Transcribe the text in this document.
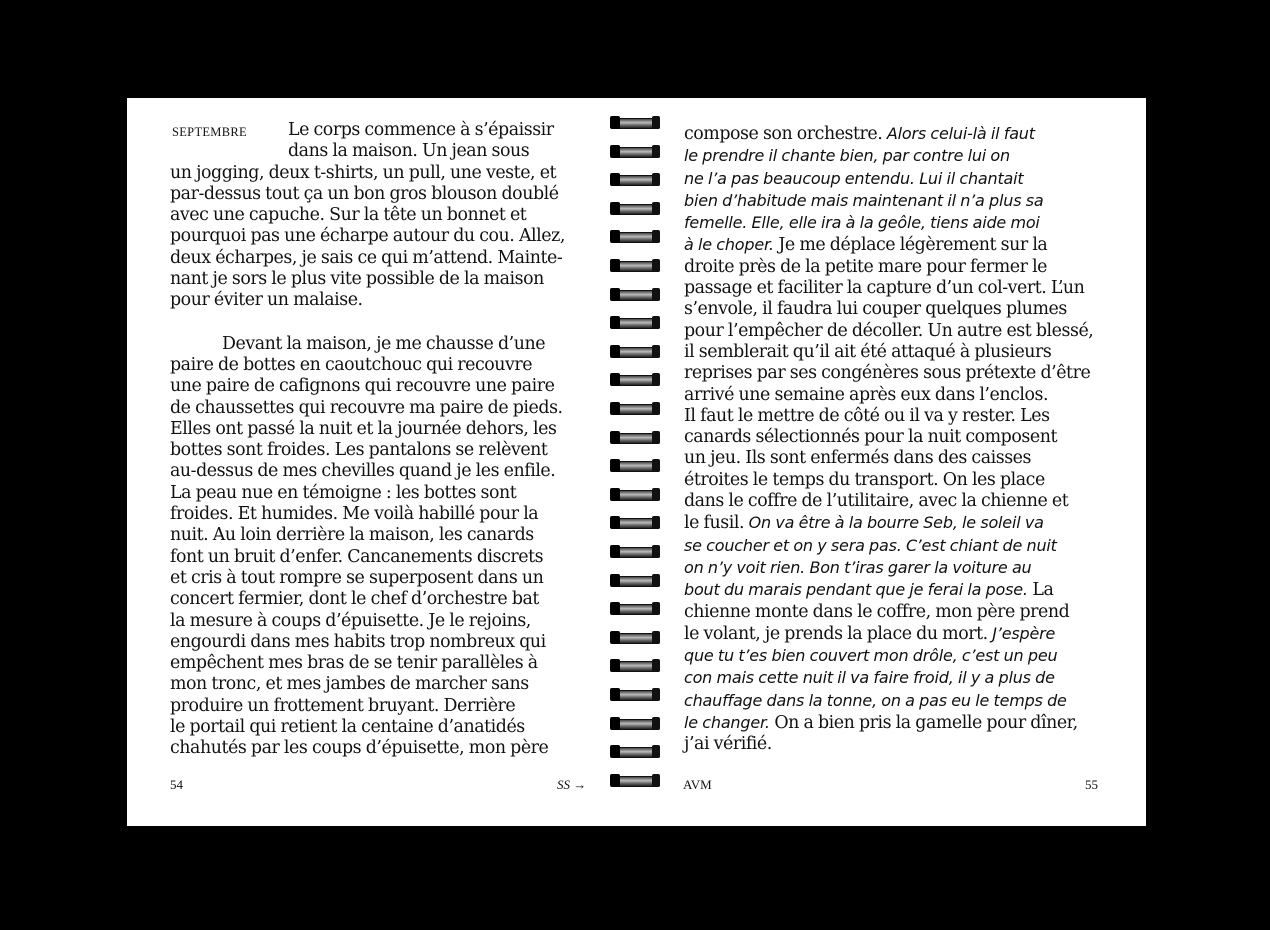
SEPTEMBRE	Le corps commence à s’épaissir
dans la maison. Un jean sous
un jogging, deux t-shirts, un pull, une veste, et
par-dessus tout ça un bon gros blouson doublé
avec une capuche. Sur la tête un bonnet et
pourquoi pas une écharpe autour du cou. Allez,
deux écharpes, je sais ce qui m’attend. Mainte-
nant je sors le plus vite possible de la maison
pour éviter un malaise.
Devant la maison, je me chausse d’une
paire de bottes en caoutchouc qui recouvre
une paire de cafignons qui recouvre une paire
de chaussettes qui recouvre ma paire de pieds.
Elles ont passé la nuit et la journée dehors, les
bottes sont froides. Les pantalons se relèvent
au-dessus de mes chevilles quand je les enfile.
La peau nue en témoigne : les bottes sont
froides. Et humides. Me voilà habillé pour la
nuit. Au loin derrière la maison, les canards
font un bruit d’enfer. Cancanements discrets
et cris à tout rompre se superposent dans un
concert fermier, dont le chef d’orchestre bat
la mesure à coups d’épuisette. Je le rejoins,
engourdi dans mes habits trop nombreux qui
empêchent mes bras de se tenir parallèles à
mon tronc, et mes jambes de marcher sans
produire un frottement bruyant. Derrière
le portail qui retient la centaine d’anatidés
chahutés par les coups d’épuisette, mon père
54	SS →
compose son orchestre. Alors celui-là il faut
le prendre il chante bien, par contre lui on
ne l’a pas beaucoup entendu. Lui il chantait
bien d’habitude mais maintenant il n’a plus sa
femelle. Elle, elle ira à la geôle, tiens aide moi
à le choper. Je me déplace légèrement sur la
droite près de la petite mare pour fermer le
passage et faciliter la capture d’un col-vert. L’un
s’envole, il faudra lui couper quelques plumes
pour l’empêcher de décoller. Un autre est blessé,
il semblerait qu’il ait été attaqué à plusieurs
reprises par ses congénères sous prétexte d’être
arrivé une semaine après eux dans l’enclos.
Il faut le mettre de côté ou il va y rester. Les
canards sélectionnés pour la nuit composent
un jeu. Ils sont enfermés dans des caisses
étroites le temps du transport. On les place
dans le coffre de l’utilitaire, avec la chienne et
le fusil. On va être à la bourre Seb, le soleil va
se coucher et on y sera pas. C’est chiant de nuit
on n’y voit rien. Bon t’iras garer la voiture au
bout du marais pendant que je ferai la pose. La
chienne monte dans le coffre, mon père prend
le volant, je prends la place du mort. J’espère
que tu t’es bien couvert mon drôle, c’est un peu
con mais cette nuit il va faire froid, il y a plus de
chauffage dans la tonne, on a pas eu le temps de
le changer. On a bien pris la gamelle pour dîner,
j’ai vérifié.
AVM	55
